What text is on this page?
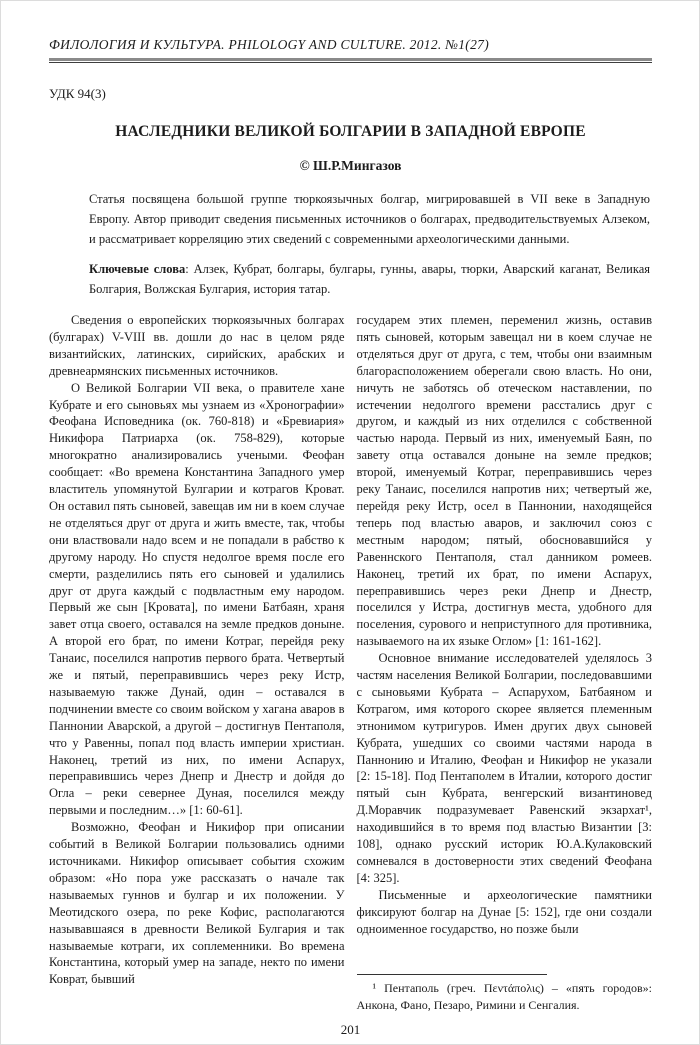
ФИЛОЛОГИЯ И КУЛЬТУРА. PHILOLOGY AND CULTURE. 2012. №1(27)
УДК 94(3)
НАСЛЕДНИКИ ВЕЛИКОЙ БОЛГАРИИ В ЗАПАДНОЙ ЕВРОПЕ
© Ш.Р.Мингазов
Статья посвящена большой группе тюркоязычных болгар, мигрировавшей в VII веке в Западную Европу. Автор приводит сведения письменных источников о болгарах, предводительствуемых Алзеком, и рассматривает корреляцию этих сведений с современными археологическими данными.
Ключевые слова: Алзек, Кубрат, болгары, булгары, гунны, авары, тюрки, Аварский каганат, Великая Болгария, Волжская Булгария, история татар.

Сведения о европейских тюркоязычных болгарах (булгарах) V-VIII вв. дошли до нас в целом ряде византийских, латинских, сирийских, арабских и древнеармянских письменных источников.

О Великой Болгарии VII века, о правителе хане Кубрате и его сыновьях мы узнаем из «Хронографии» Феофана Исповедника (ок. 760-818) и «Бревиария» Никифора Патриарха (ок. 758-829), которые многократно анализировались учеными. Феофан сообщает: «Во времена Константина Западного умер властитель упомянутой Булгарии и котрагов Кроват. Он оставил пять сыновей, завещав им ни в коем случае не отделяться друг от друга и жить вместе, так, чтобы они властвовали надо всем и не попадали в рабство к другому народу. Но спустя недолгое время после его смерти, разделились пять его сыновей и удалились друг от друга каждый с подвластным ему народом. Первый же сын [Кровата], по имени Батбаян, храня завет отца своего, оставался на земле предков доныне. А второй его брат, по имени Котраг, перейдя реку Танаис, поселился напротив первого брата. Четвертый же и пятый, переправившись через реку Истр, называемую также Дунай, один – оставался в подчинении вместе со своим войском у хагана аваров в Паннонии Аварской, а другой – достигнув Пентаполя, что у Равенны, попал под власть империи христиан. Наконец, третий из них, по имени Аспарух, переправившись через Днепр и Днестр и дойдя до Огла – реки севернее Дуная, поселился между первыми и последним…» [1: 60-61].

Возможно, Феофан и Никифор при описании событий в Великой Болгарии пользовались одними источниками. Никифор описывает события схожим образом: «Но пора уже рассказать о начале так называемых гуннов и булгар и их положении. У Меотидского озера, по реке Кофис, располагаются называвшаяся в древности Великой Булгария и так называемые котраги, их соплеменники. Во времена Константина, который умер на западе, некто по имени Коврат, бывший

государем этих племен, переменил жизнь, оставив пять сыновей, которым завещал ни в коем случае не отделяться друг от друга, с тем, чтобы они взаимным благорасположением оберегали свою власть. Но они, ничуть не заботясь об отеческом наставлении, по истечении недолгого времени расстались друг с другом, и каждый из них отделился с собственной частью народа. Первый из них, именуемый Баян, по завету отца оставался доныне на земле предков; второй, именуемый Котраг, переправившись через реку Танаис, поселился напротив них; четвертый же, перейдя реку Истр, осел в Паннонии, находящейся теперь под властью аваров, и заключил союз с местным народом; пятый, обосновавшийся у Равеннского Пентаполя, стал данником ромеев. Наконец, третий их брат, по имени Аспарух, переправившись через реки Днепр и Днестр, поселился у Истра, достигнув места, удобного для поселения, сурового и неприступного для противника, называемого на их языке Оглом» [1: 161-162].

Основное внимание исследователей уделялось 3 частям населения Великой Болгарии, последовавшими с сыновьями Кубрата – Аспарухом, Батбаяном и Котрагом, имя которого скорее является племенным этнонимом кутригуров. Имен других двух сыновей Кубрата, ушедших со своими частями народа в Паннонию и Италию, Феофан и Никифор не указали [2: 15-18]. Под Пентаполем в Италии, которого достиг пятый сын Кубрата, венгерский византиновед Д.Моравчик подразумевает Равенский экзархат¹, находившийся в то время под властью Византии [3: 108], однако русский историк Ю.А.Кулаковский сомневался в достоверности этих сведений Феофана [4: 325].

Письменные и археологические памятники фиксируют болгар на Дунае [5: 152], где они создали одноименное государство, но позже были

¹ Пентаполь (греч. Πεντάπολις) – «пять городов»: Анкона, Фано, Пезаро, Римини и Сенгалия.

201
